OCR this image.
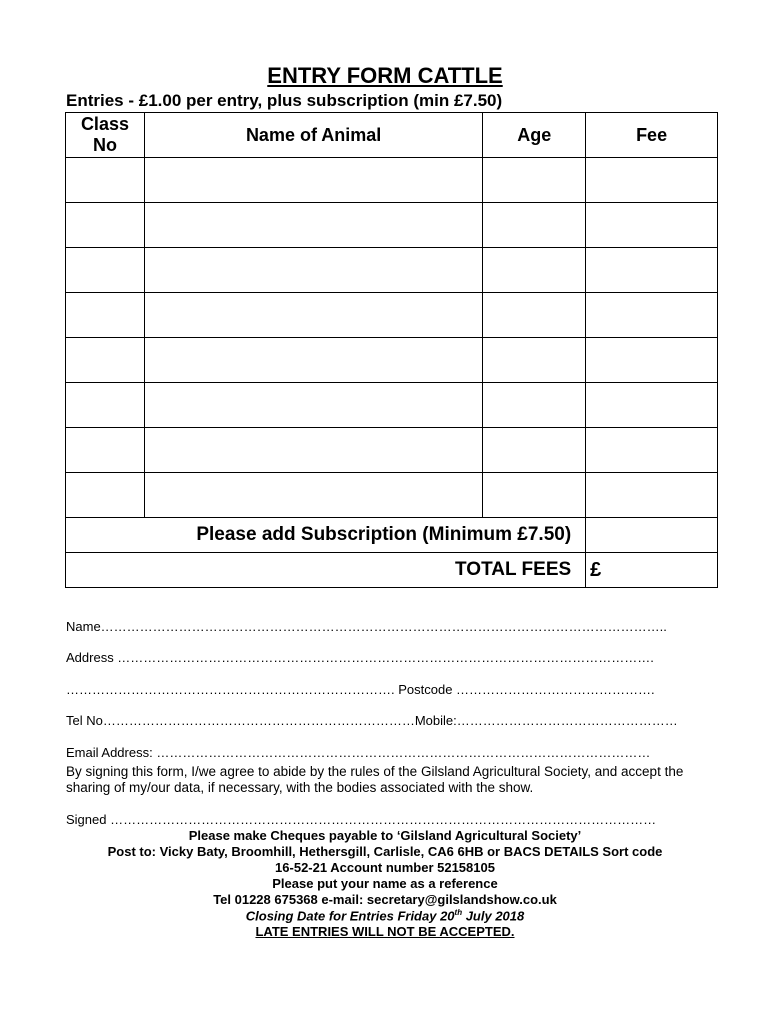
ENTRY FORM CATTLE
Entries - £1.00 per entry, plus subscription (min £7.50)
Class
No	Name of Animal	Age	Fee

Please add Subscription (Minimum £7.50)			
TOTAL FEES			£
Name…………………………………………………………………………………………………………………..
Address …………………………………………………………………………………………………………….
…………………………………………………………………. Postcode ……………………………………….
Tel No………………………………………………………………Mobile:……………………………………………
Email Address: ……………………………………………………………………………………………………
By signing this form, I/we agree to abide by the rules of the Gilsland Agricultural Society, and accept the sharing of my/our data, if necessary, with the bodies associated with the show.
Signed ………………………………………………………………………………………………………………
Please make Cheques payable to ‘Gilsland Agricultural Society’
Post to: Vicky Baty, Broomhill, Hethersgill, Carlisle, CA6 6HB or BACS DETAILS Sort code
16-52-21 Account number 52158105
Please put your name as a reference
Tel 01228 675368 e-mail: secretary@gilslandshow.co.uk
Closing Date for Entries Friday 20th July 2018
LATE ENTRIES WILL NOT BE ACCEPTED.
